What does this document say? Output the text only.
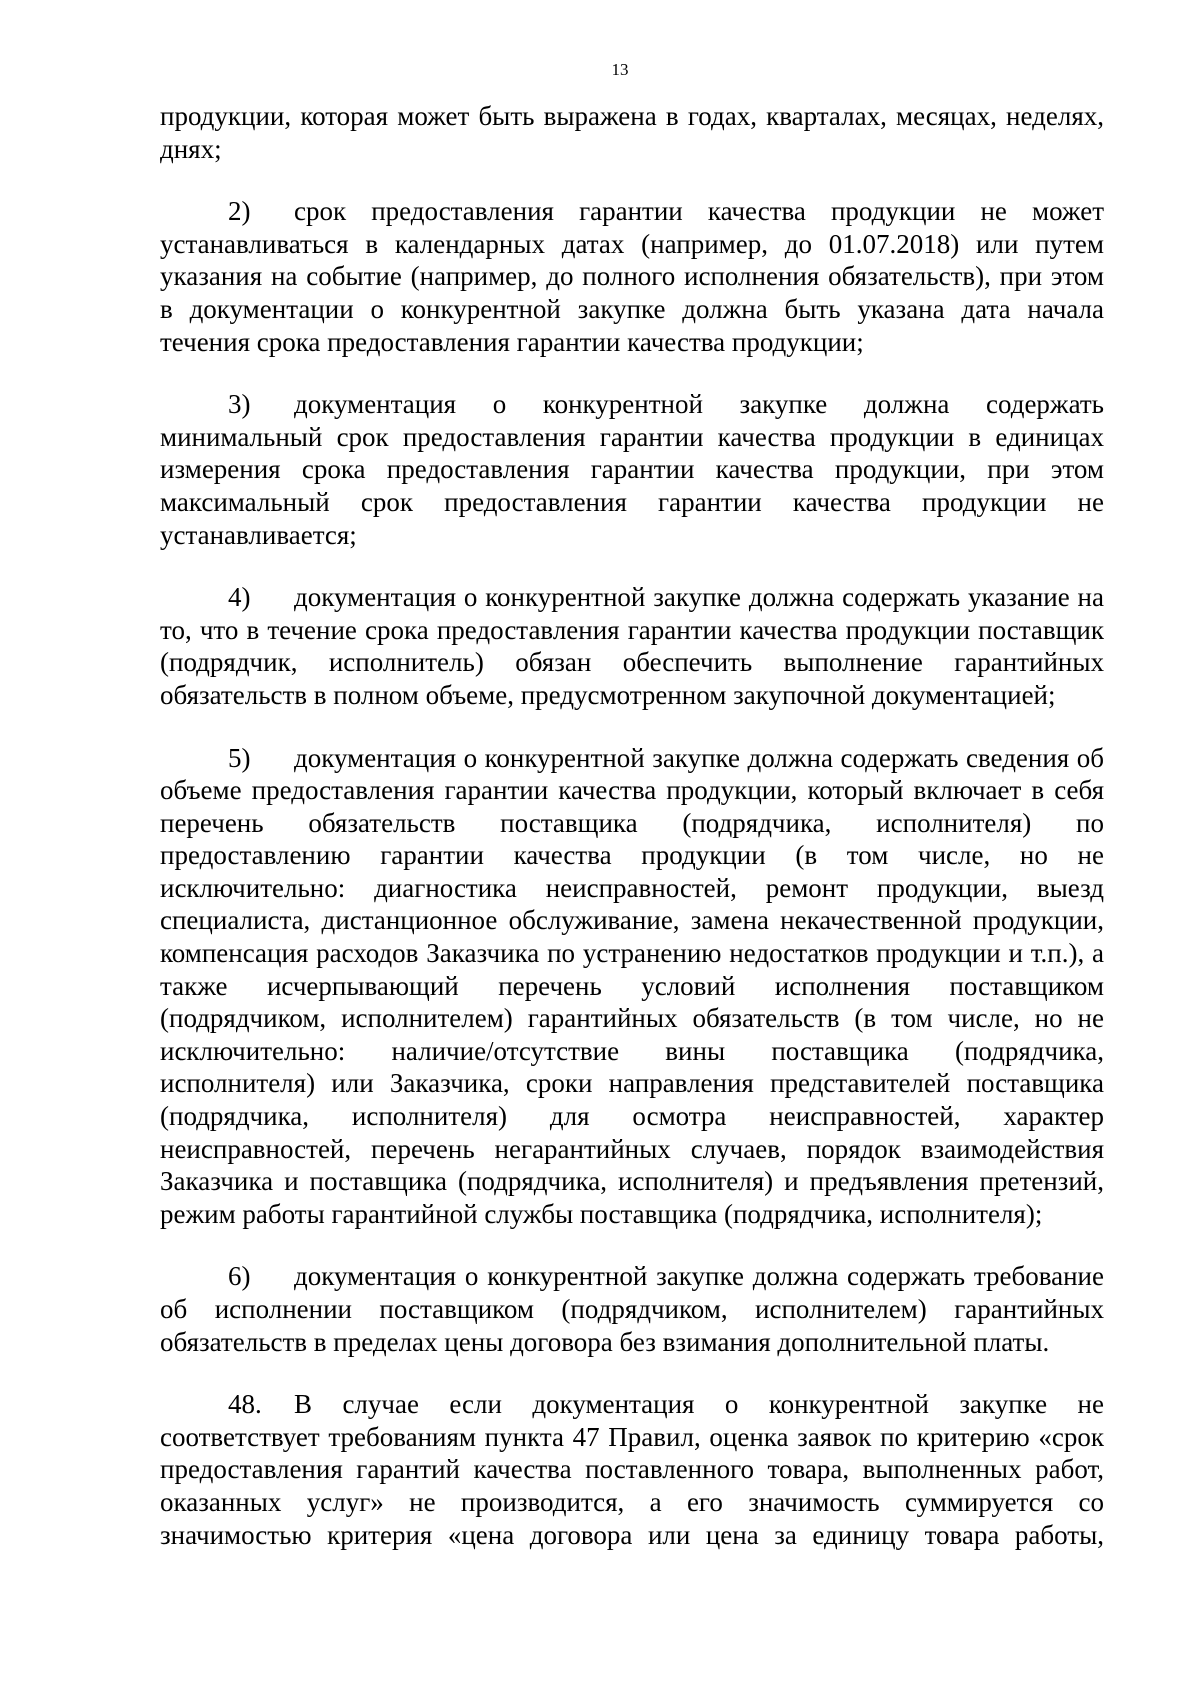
13

продукции, которая может быть выражена в годах, кварталах, месяцах, неделях, днях;

2) срок предоставления гарантии качества продукции не может устанавливаться в календарных датах (например, до 01.07.2018) или путем указания на событие (например, до полного исполнения обязательств), при этом в документации о конкурентной закупке должна быть указана дата начала течения срока предоставления гарантии качества продукции;

3) документация о конкурентной закупке должна содержать минимальный срок предоставления гарантии качества продукции в единицах измерения срока предоставления гарантии качества продукции, при этом максимальный срок предоставления гарантии качества продукции не устанавливается;

4) документация о конкурентной закупке должна содержать указание на то, что в течение срока предоставления гарантии качества продукции поставщик (подрядчик, исполнитель) обязан обеспечить выполнение гарантийных обязательств в полном объеме, предусмотренном закупочной документацией;

5) документация о конкурентной закупке должна содержать сведения об объеме предоставления гарантии качества продукции, который включает в себя перечень обязательств поставщика (подрядчика, исполнителя) по предоставлению гарантии качества продукции (в том числе, но не исключительно: диагностика неисправностей, ремонт продукции, выезд специалиста, дистанционное обслуживание, замена некачественной продукции, компенсация расходов Заказчика по устранению недостатков продукции и т.п.), а также исчерпывающий перечень условий исполнения поставщиком (подрядчиком, исполнителем) гарантийных обязательств (в том числе, но не исключительно: наличие/отсутствие вины поставщика (подрядчика, исполнителя) или Заказчика, сроки направления представителей поставщика (подрядчика, исполнителя) для осмотра неисправностей, характер неисправностей, перечень негарантийных случаев, порядок взаимодействия Заказчика и поставщика (подрядчика, исполнителя) и предъявления претензий, режим работы гарантийной службы поставщика (подрядчика, исполнителя);

6) документация о конкурентной закупке должна содержать требование об исполнении поставщиком (подрядчиком, исполнителем) гарантийных обязательств в пределах цены договора без взимания дополнительной платы.

48. В случае если документация о конкурентной закупке не соответствует требованиям пункта 47 Правил, оценка заявок по критерию «срок предоставления гарантий качества поставленного товара, выполненных работ, оказанных услуг» не производится, а его значимость суммируется со значимостью критерия «цена договора или цена за единицу товара работы,
